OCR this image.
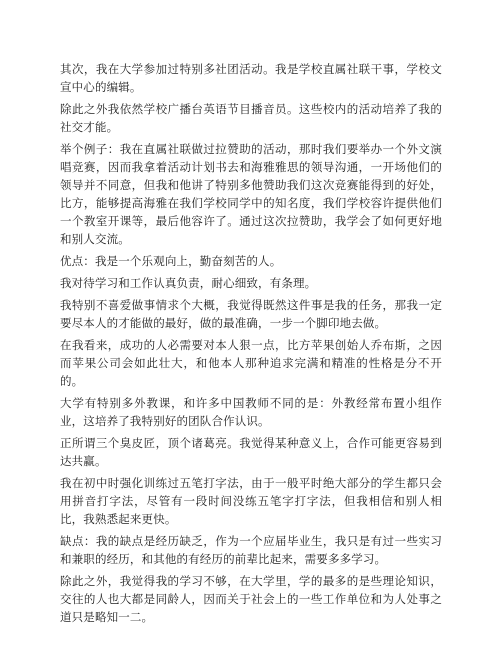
其次，我在大学参加过特别多社团活动。我是学校直属社联干事，学校文宣中心的编辑。

除此之外我依然学校广播台英语节目播音员。这些校内的活动培养了我的社交才能。

举个例子：我在直属社联做过拉赞助的活动，那时我们要举办一个外文演唱竞赛，因而我拿着活动计划书去和海雅雅思的领导沟通，一开场他们的领导并不同意，但我和他讲了特别多他赞助我们这次竞赛能得到的好处，比方，能够提高海雅在我们学校同学中的知名度，我们学校容许提供他们一个教室开课等，最后他容许了。通过这次拉赞助，我学会了如何更好地和别人交流。

优点：我是一个乐观向上，勤奋刻苦的人。

我对待学习和工作认真负责，耐心细致，有条理。

我特别不喜爱做事情求个大概，我觉得既然这件事是我的任务，那我一定要尽本人的才能做的最好，做的最准确，一步一个脚印地去做。

在我看来，成功的人必需要对本人狠一点，比方苹果创始人乔布斯，之因而苹果公司会如此壮大，和他本人那种追求完满和精准的性格是分不开的。

大学有特别多外教课，和许多中国教师不同的是：外教经常布置小组作业，这培养了我特别好的团队合作认识。

正所谓三个臭皮匠，顶个诸葛亮。我觉得某种意义上，合作可能更容易到达共赢。

我在初中时强化训练过五笔打字法，由于一般平时绝大部分的学生都只会用拼音打字法，尽管有一段时间没练五笔字打字法，但我相信和别人相比，我熟悉起来更快。

缺点：我的缺点是经历缺乏，作为一个应届毕业生，我只是有过一些实习和兼职的经历，和其他的有经历的前辈比起来，需要多多学习。

除此之外，我觉得我的学习不够，在大学里，学的最多的是些理论知识，交往的人也大都是同龄人，因而关于社会上的一些工作单位和为人处事之道只是略知一二。
